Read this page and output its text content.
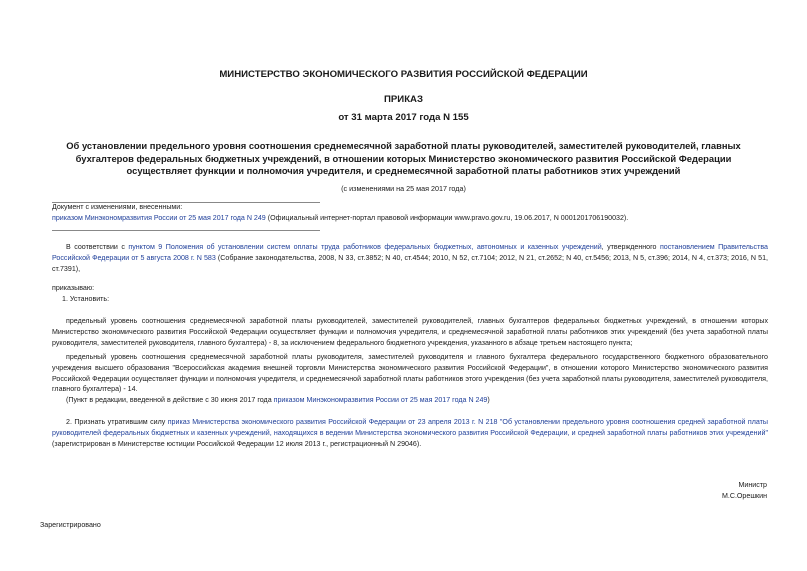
МИНИСТЕРСТВО ЭКОНОМИЧЕСКОГО РАЗВИТИЯ РОССИЙСКОЙ ФЕДЕРАЦИИ
ПРИКАЗ
от 31 марта 2017 года N 155
Об установлении предельного уровня соотношения среднемесячной заработной платы руководителей, заместителей руководителей, главных бухгалтеров федеральных бюджетных учреждений, в отношении которых Министерство экономического развития Российской Федерации осуществляет функции и полномочия учредителя, и среднемесячной заработной платы работников этих учреждений
(с изменениями на 25 мая 2017 года)
Документ с изменениями, внесенными:
приказом Минэкономразвития России от 25 мая 2017 года N 249 (Официальный интернет-портал правовой информации www.pravo.gov.ru, 19.06.2017, N 0001201706190032).
В соответствии с пунктом 9 Положения об установлении систем оплаты труда работников федеральных бюджетных, автономных и казенных учреждений, утвержденного постановлением Правительства Российской Федерации от 5 августа 2008 г. N 583 (Собрание законодательства, 2008, N 33, ст.3852; N 40, ст.4544; 2010, N 52, ст.7104; 2012, N 21, ст.2652; N 40, ст.5456; 2013, N 5, ст.396; 2014, N 4, ст.373; 2016, N 51, ст.7391),
приказываю:
1. Установить:
предельный уровень соотношения среднемесячной заработной платы руководителей, заместителей руководителей, главных бухгалтеров федеральных бюджетных учреждений, в отношении которых Министерство экономического развития Российской Федерации осуществляет функции и полномочия учредителя, и среднемесячной заработной платы работников этих учреждений (без учета заработной платы руководителя, заместителей руководителя, главного бухгалтера) - 8, за исключением федерального бюджетного учреждения, указанного в абзаце третьем настоящего пункта;
предельный уровень соотношения среднемесячной заработной платы руководителя, заместителей руководителя и главного бухгалтера федерального государственного бюджетного образовательного учреждения высшего образования "Всероссийская академия внешней торговли Министерства экономического развития Российской Федерации", в отношении которого Министерство экономического развития Российской Федерации осуществляет функции и полномочия учредителя, и среднемесячной заработной платы работников этого учреждения (без учета заработной платы руководителя, заместителей руководителя, главного бухгалтера) - 14.
(Пункт в редакции, введенной в действие с 30 июня 2017 года приказом Минэкономразвития России от 25 мая 2017 года N 249)
2. Признать утратившим силу приказ Министерства экономического развития Российской Федерации от 23 апреля 2013 г. N 218 "Об установлении предельного уровня соотношения средней заработной платы руководителей федеральных бюджетных и казенных учреждений, находящихся в ведении Министерства экономического развития Российской Федерации, и средней заработной платы работников этих учреждений" (зарегистрирован в Министерстве юстиции Российской Федерации 12 июля 2013 г., регистрационный N 29046).
Министр
М.С.Орешкин
Зарегистрировано
